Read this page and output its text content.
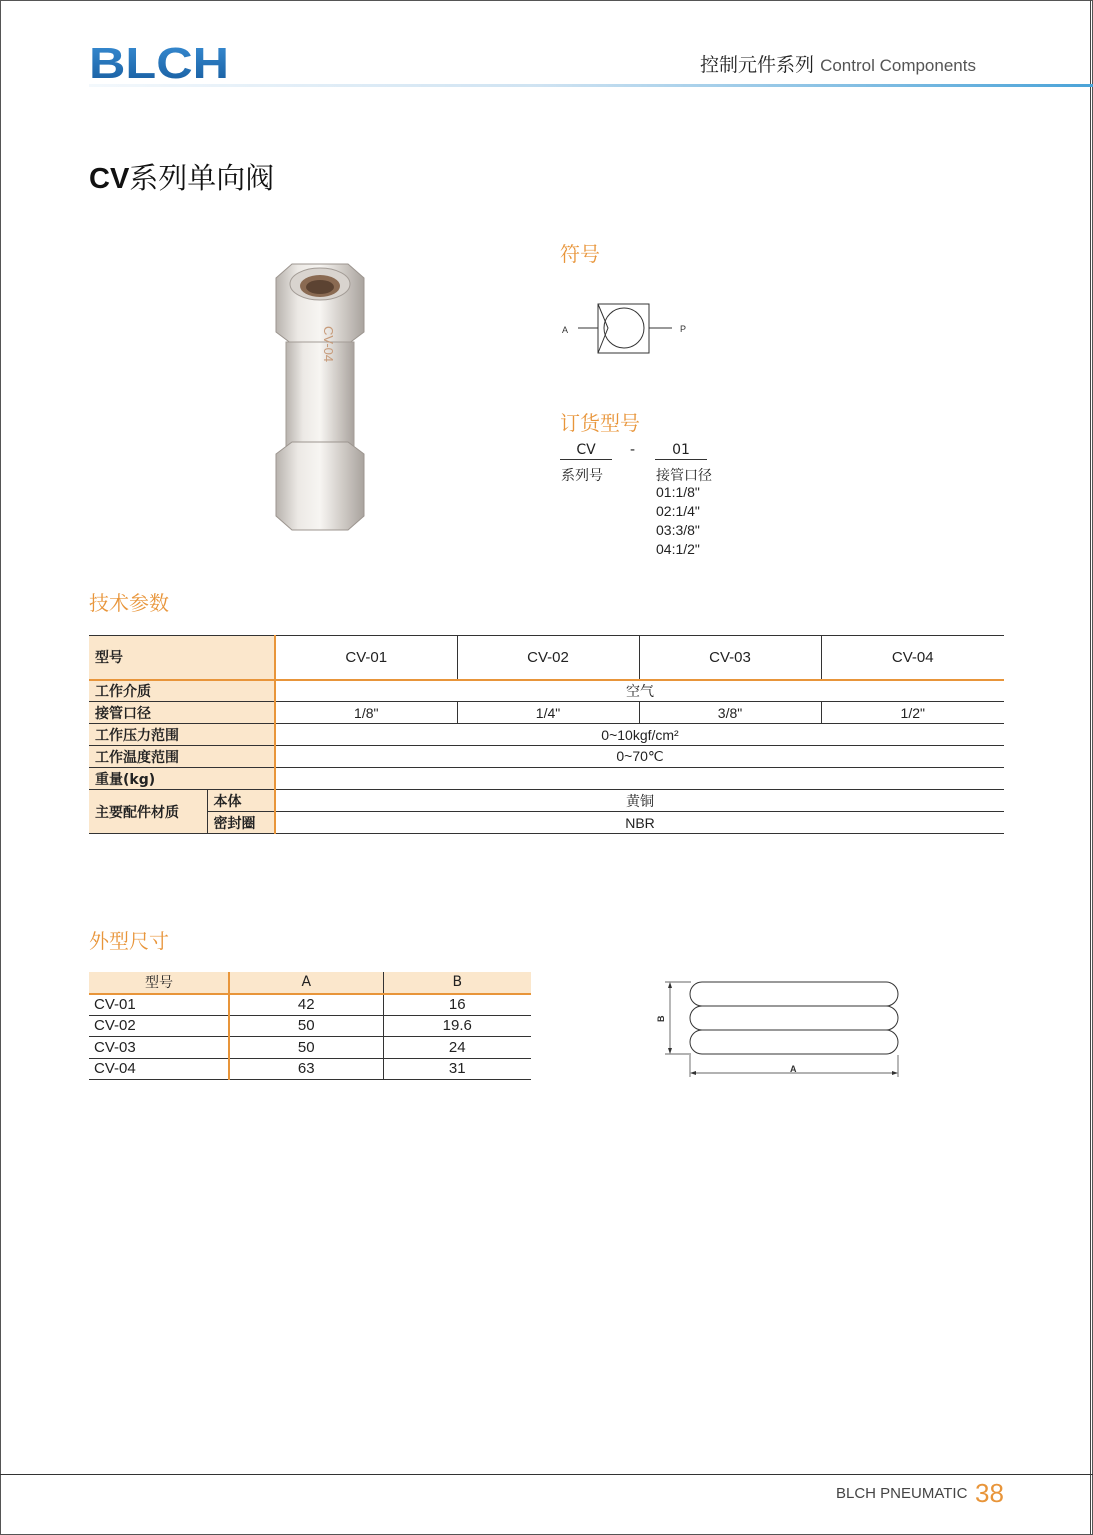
BLCH	控制元件系列 Control Components
CV系列单向阀
CV-04
符号
A	P
订货型号
CV	-	01
系列号	接管口径
01:1/8"
02:1/4"
03:3/8"
04:1/2"
技术参数
型号		CV-01	CV-02	CV-03	CV-04
工作介质		空气			
接管口径		1/8"	1/4"	3/8"	1/2"
工作压力范围		0~10kgf/cm²			
工作温度范围		0~70℃			
重量(kg)					
主要配件材质	本体	黄铜			
	密封圈	NBR			
外型尺寸
型号	A	B
CV-01	42	16
CV-02	50	19.6
CV-03	50	24
CV-04	63	31
B
A
BLCH PNEUMATIC 38
